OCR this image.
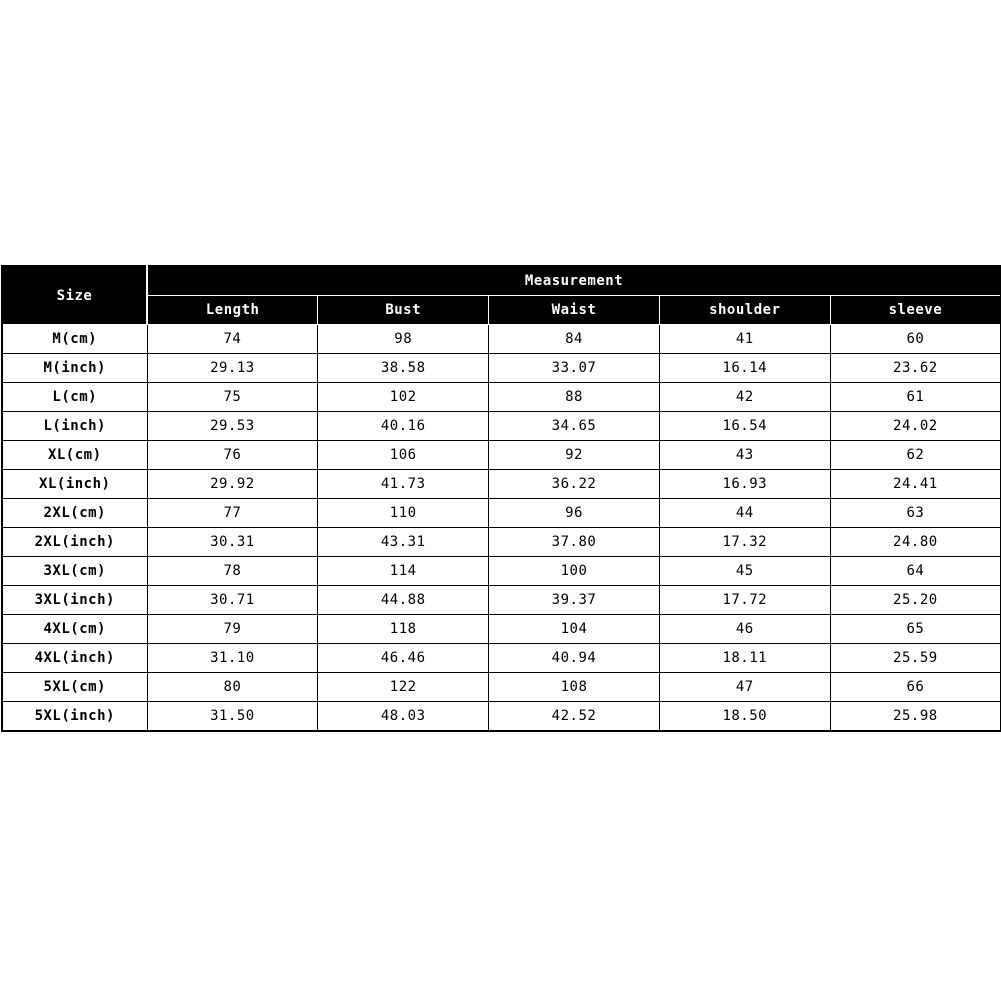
Size	Measurement				
	Length	Bust	Waist	shoulder	sleeve
M(cm)	74	98	84	41	60
M(inch)	29.13	38.58	33.07	16.14	23.62
L(cm)	75	102	88	42	61
L(inch)	29.53	40.16	34.65	16.54	24.02
XL(cm)	76	106	92	43	62
XL(inch)	29.92	41.73	36.22	16.93	24.41
2XL(cm)	77	110	96	44	63
2XL(inch)	30.31	43.31	37.80	17.32	24.80
3XL(cm)	78	114	100	45	64
3XL(inch)	30.71	44.88	39.37	17.72	25.20
4XL(cm)	79	118	104	46	65
4XL(inch)	31.10	46.46	40.94	18.11	25.59
5XL(cm)	80	122	108	47	66
5XL(inch)	31.50	48.03	42.52	18.50	25.98
